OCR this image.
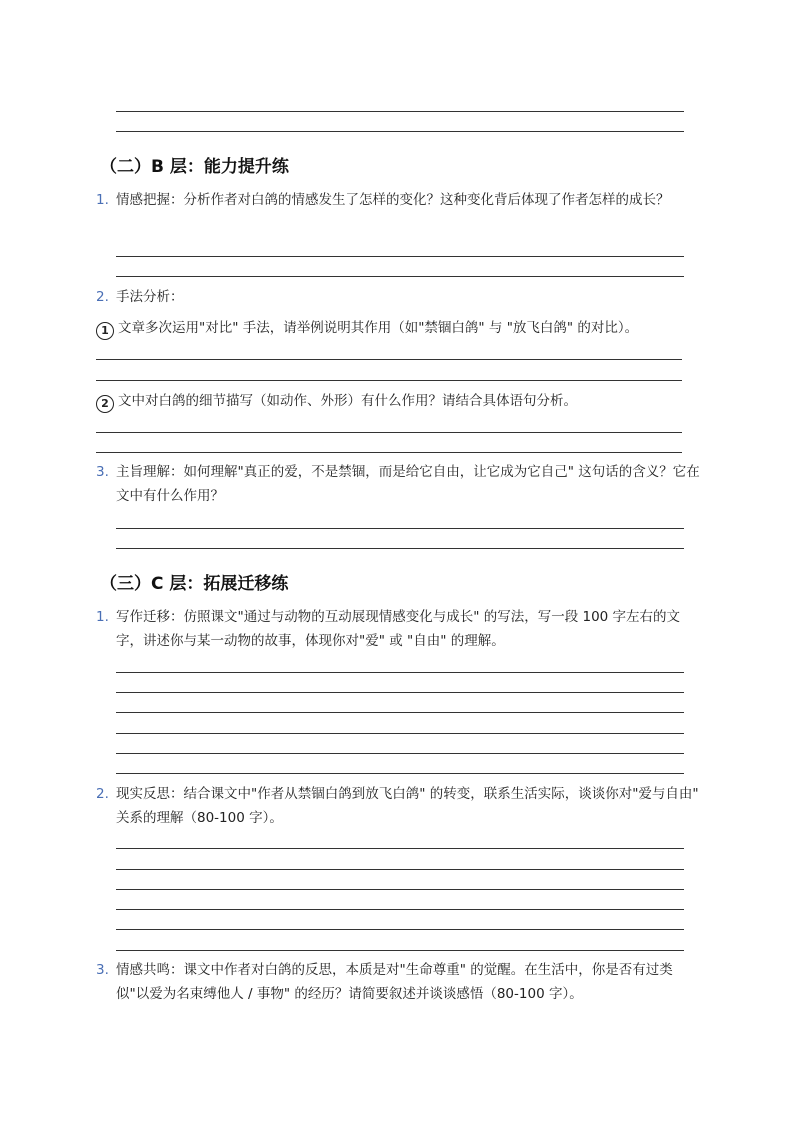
（二）B 层：能力提升练
1. 情感把握：分析作者对白鸽的情感发生了怎样的变化？这种变化背后体现了作者怎样的成长？
2. 手法分析：
1 文章多次运用"对比" 手法，请举例说明其作用（如"禁锢白鸽" 与 "放飞白鸽" 的对比）。
2 文中对白鸽的细节描写（如动作、外形）有什么作用？请结合具体语句分析。
3. 主旨理解：如何理解"真正的爱，不是禁锢，而是给它自由，让它成为它自己" 这句话的含义？它在文中有什么作用？
（三）C 层：拓展迁移练
1. 写作迁移：仿照课文"通过与动物的互动展现情感变化与成长" 的写法，写一段 100 字左右的文字，讲述你与某一动物的故事，体现你对"爱" 或 "自由" 的理解。
2. 现实反思：结合课文中"作者从禁锢白鸽到放飞白鸽" 的转变，联系生活实际，谈谈你对"爱与自由" 关系的理解（80-100 字）。
3. 情感共鸣：课文中作者对白鸽的反思，本质是对"生命尊重" 的觉醒。在生活中，你是否有过类似"以爱为名束缚他人 / 事物" 的经历？请简要叙述并谈谈感悟（80-100 字）。
